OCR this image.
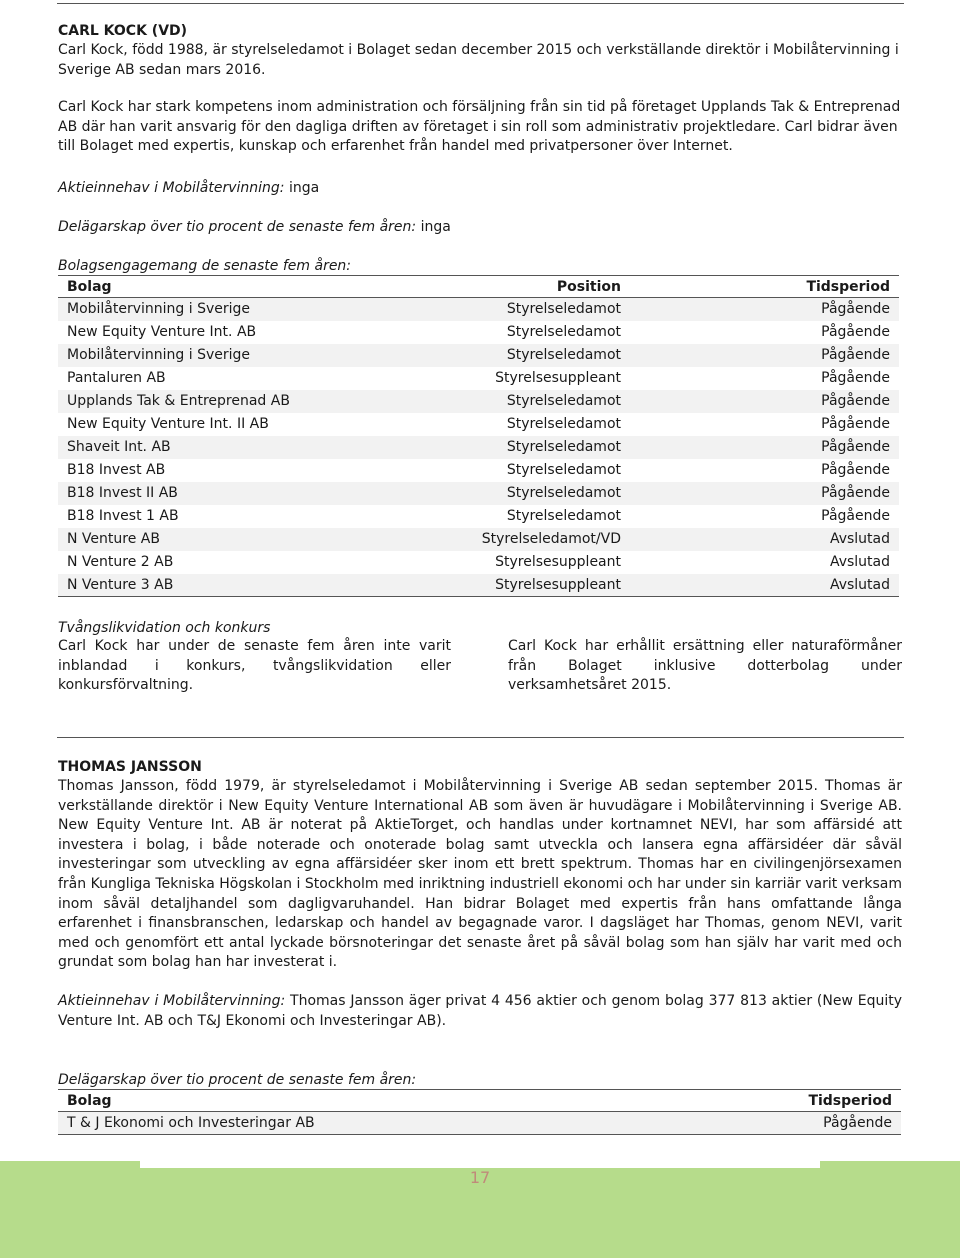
CARL KOCK (VD)
Carl Kock, född 1988, är styrelseledamot i Bolaget sedan december 2015 och verkställande direktör i Mobilåtervinning i Sverige AB sedan mars 2016.
Carl Kock har stark kompetens inom administration och försäljning från sin tid på företaget Upplands Tak & Entreprenad AB där han varit ansvarig för den dagliga driften av företaget i sin roll som administrativ projektledare. Carl bidrar även till Bolaget med expertis, kunskap och erfarenhet från handel med privatpersoner över Internet.
Aktieinnehav i Mobilåtervinning: inga
Delägarskap över tio procent de senaste fem åren: inga
Bolagsengagemang de senaste fem åren:
Bolag	Position	Tidsperiod
Mobilåtervinning i Sverige	Styrelseledamot	Pågående
New Equity Venture Int. AB	Styrelseledamot	Pågående
Mobilåtervinning i Sverige	Styrelseledamot	Pågående
Pantaluren AB	Styrelsesuppleant	Pågående
Upplands Tak & Entreprenad AB	Styrelseledamot	Pågående
New Equity Venture Int. II AB	Styrelseledamot	Pågående
Shaveit Int. AB	Styrelseledamot	Pågående
B18 Invest AB	Styrelseledamot	Pågående
B18 Invest II AB	Styrelseledamot	Pågående
B18 Invest 1 AB	Styrelseledamot	Pågående
N Venture AB	Styrelseledamot/VD	Avslutad
N Venture 2 AB	Styrelsesuppleant	Avslutad
N Venture 3 AB	Styrelsesuppleant	Avslutad
Tvångslikvidation och konkurs
Carl Kock har under de senaste fem åren inte varit inblandad i konkurs, tvångslikvidation eller konkursförvaltning.
Carl Kock har erhållit ersättning eller naturaförmåner från Bolaget inklusive dotterbolag under verksamhetsåret 2015.
THOMAS JANSSON
Thomas Jansson, född 1979, är styrelseledamot i Mobilåtervinning i Sverige AB sedan september 2015. Thomas är verkställande direktör i New Equity Venture International AB som även är huvudägare i Mobilåtervinning i Sverige AB. New Equity Venture Int. AB är noterat på AktieTorget, och handlas under kortnamnet NEVI, har som affärsidé att investera i bolag, i både noterade och onoterade bolag samt utveckla och lansera egna affärsidéer där såväl investeringar som utveckling av egna affärsidéer sker inom ett brett spektrum. Thomas har en civilingenjörsexamen från Kungliga Tekniska Högskolan i Stockholm med inriktning industriell ekonomi och har under sin karriär varit verksam inom såväl detaljhandel som dagligvaruhandel. Han bidrar Bolaget med expertis från hans omfattande långa erfarenhet i finansbranschen, ledarskap och handel av begagnade varor. I dagsläget har Thomas, genom NEVI, varit med och genomfört ett antal lyckade börsnoteringar det senaste året på såväl bolag som han själv har varit med och grundat som bolag han har investerat i.
Aktieinnehav i Mobilåtervinning: Thomas Jansson äger privat 4 456 aktier och genom bolag 377 813 aktier (New Equity Venture Int. AB och T&J Ekonomi och Investeringar AB).
Delägarskap över tio procent de senaste fem åren:
Bolag	Tidsperiod
T & J Ekonomi och Investeringar AB	Pågående
17
